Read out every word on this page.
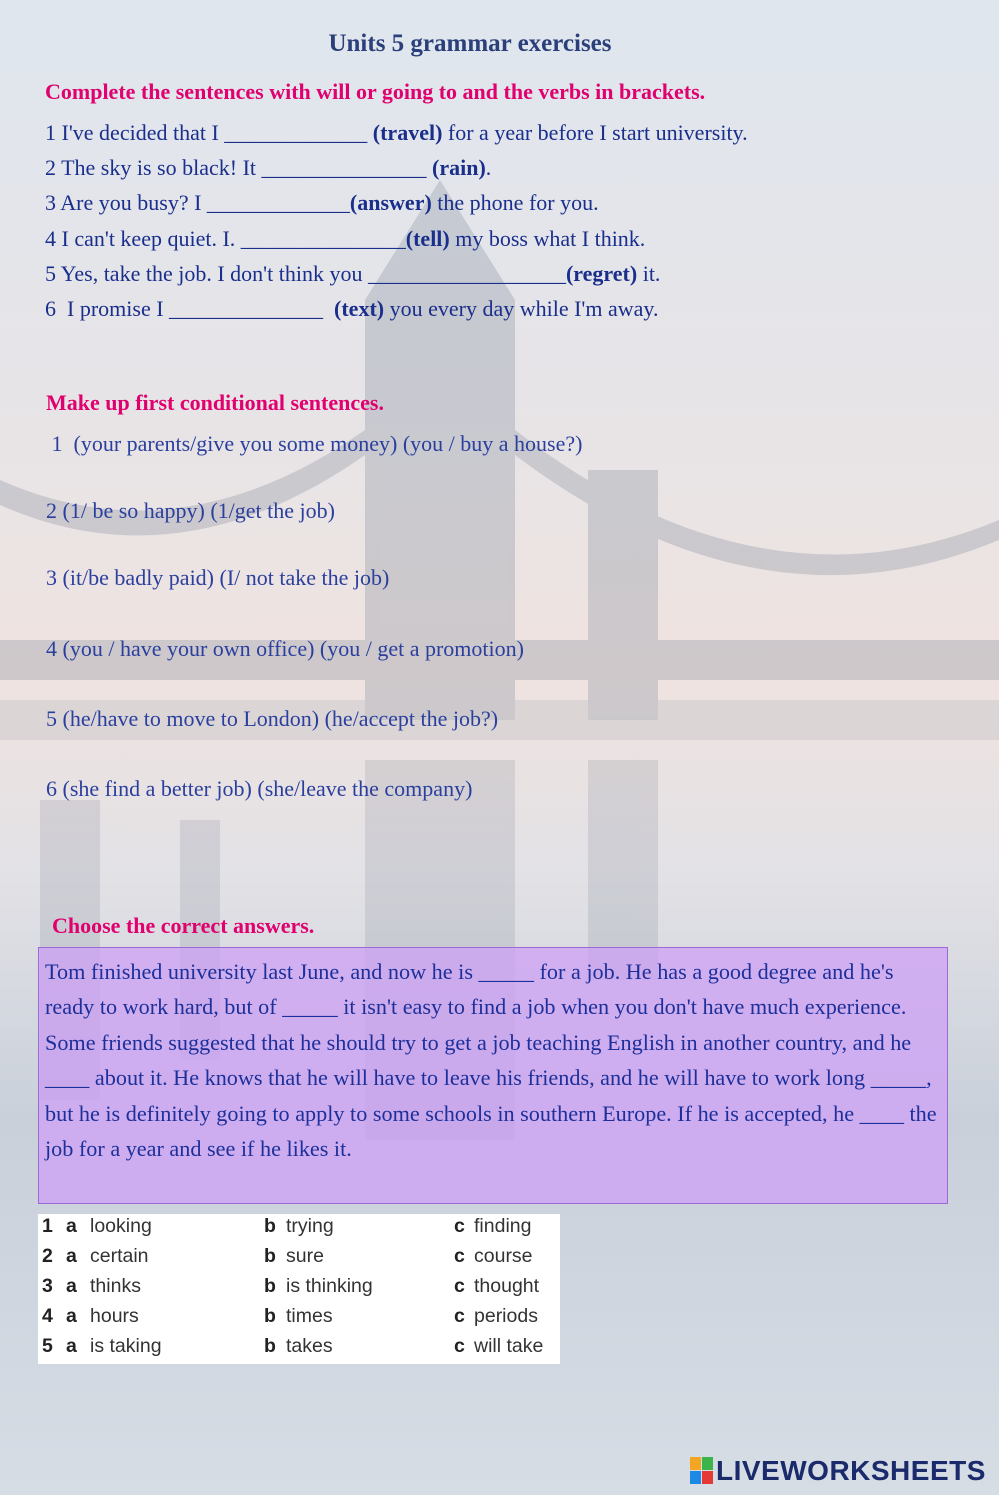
Units 5 grammar exercises
Complete the sentences with will or going to and the verbs in brackets.
1 I've decided that I _____________ (travel) for a year before I start university.
2 The sky is so black! It _______________ (rain).
3 Are you busy? I _____________(answer) the phone for you.
4 I can't keep quiet. I. _______________(tell) my boss what I think.
5 Yes, take the job. I don't think you __________________(regret) it.
6  I promise I ______________  (text) you every day while I'm away.
Make up first conditional sentences.
1  (your parents/give you some money) (you / buy a house?)
2 (1/ be so happy) (1/get the job)
3 (it/be badly paid) (I/ not take the job)
4 (you / have your own office) (you / get a promotion)
5 (he/have to move to London) (he/accept the job?)
6 (she find a better job) (she/leave the company)
Choose the correct answers.
Tom finished university last June, and now he is _____ for a job. He has a good degree and he's ready to work hard, but of _____ it isn't easy to find a job when you don't have much experience. Some friends suggested that he should try to get a job teaching English in another country, and he ____ about it. He knows that he will have to leave his friends, and he will have to work long _____, but he is definitely going to apply to some schools in southern Europe. If he is accepted, he ____ the job for a year and see if he likes it.
1 a looking	b trying	c finding
2 a certain	b sure	c course
3 a thinks	b is thinking	c thought
4 a hours	b times	c periods
5 a is taking	b takes	c will take
LIVEWORKSHEETS
